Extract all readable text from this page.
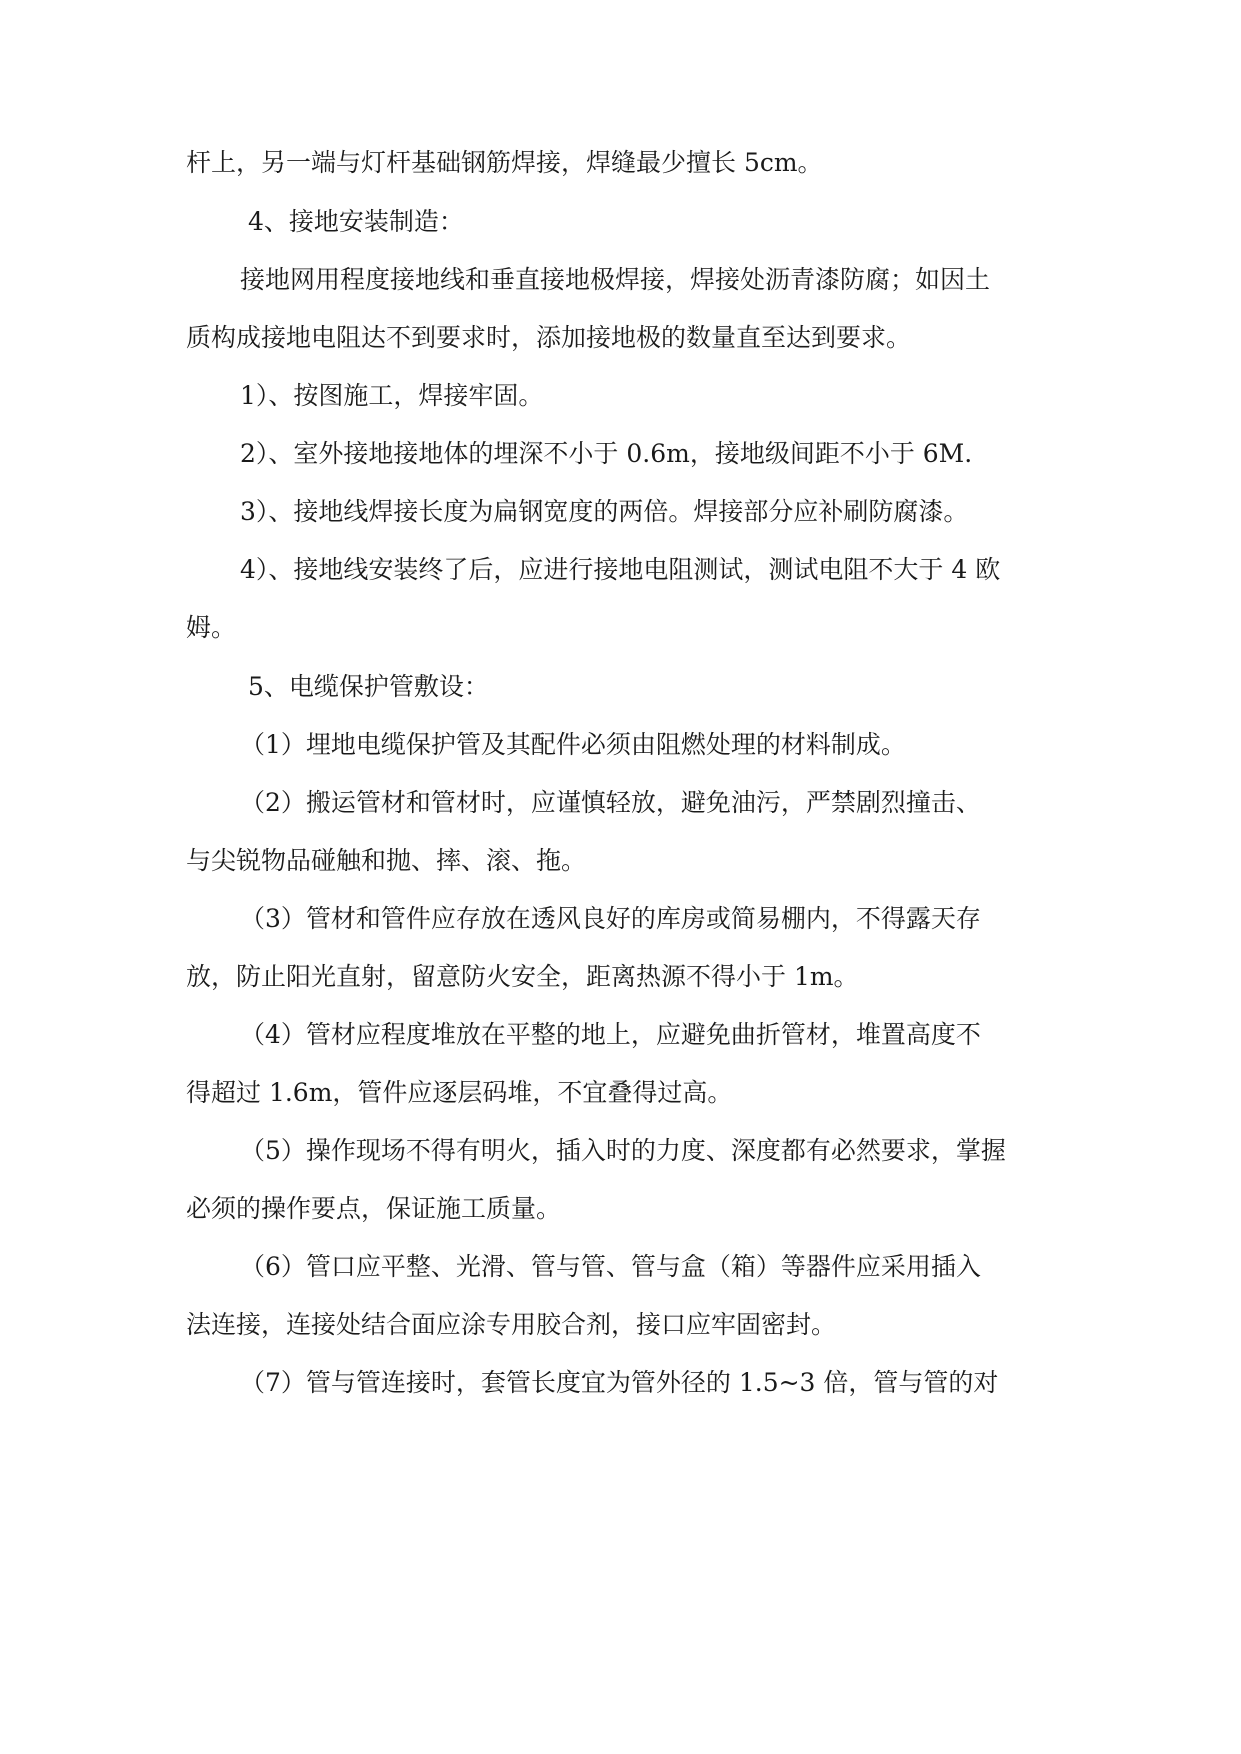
杆上，另一端与灯杆基础钢筋焊接，焊缝最少擅长 5cm。

4、接地安装制造：

接地网用程度接地线和垂直接地极焊接，焊接处沥青漆防腐；如因土

质构成接地电阻达不到要求时，添加接地极的数量直至达到要求。

1）、按图施工，焊接牢固。

2）、室外接地接地体的埋深不小于 0.6m，接地级间距不小于 6M.

3）、接地线焊接长度为扁钢宽度的两倍。焊接部分应补刷防腐漆。

4）、接地线安装终了后，应进行接地电阻测试，测试电阻不大于 4 欧

姆。

5、电缆保护管敷设：

（1）埋地电缆保护管及其配件必须由阻燃处理的材料制成。

（2）搬运管材和管材时，应谨慎轻放，避免油污，严禁剧烈撞击、

与尖锐物品碰触和抛、摔、滚、拖。

（3）管材和管件应存放在透风良好的库房或简易棚内，不得露天存

放，防止阳光直射，留意防火安全，距离热源不得小于 1m。

（4）管材应程度堆放在平整的地上，应避免曲折管材，堆置高度不

得超过 1.6m，管件应逐层码堆，不宜叠得过高。

（5）操作现场不得有明火，插入时的力度、深度都有必然要求，掌握

必须的操作要点，保证施工质量。

（6）管口应平整、光滑、管与管、管与盒（箱）等器件应采用插入

法连接，连接处结合面应涂专用胶合剂，接口应牢固密封。

（7）管与管连接时，套管长度宜为管外径的 1.5~3 倍，管与管的对
